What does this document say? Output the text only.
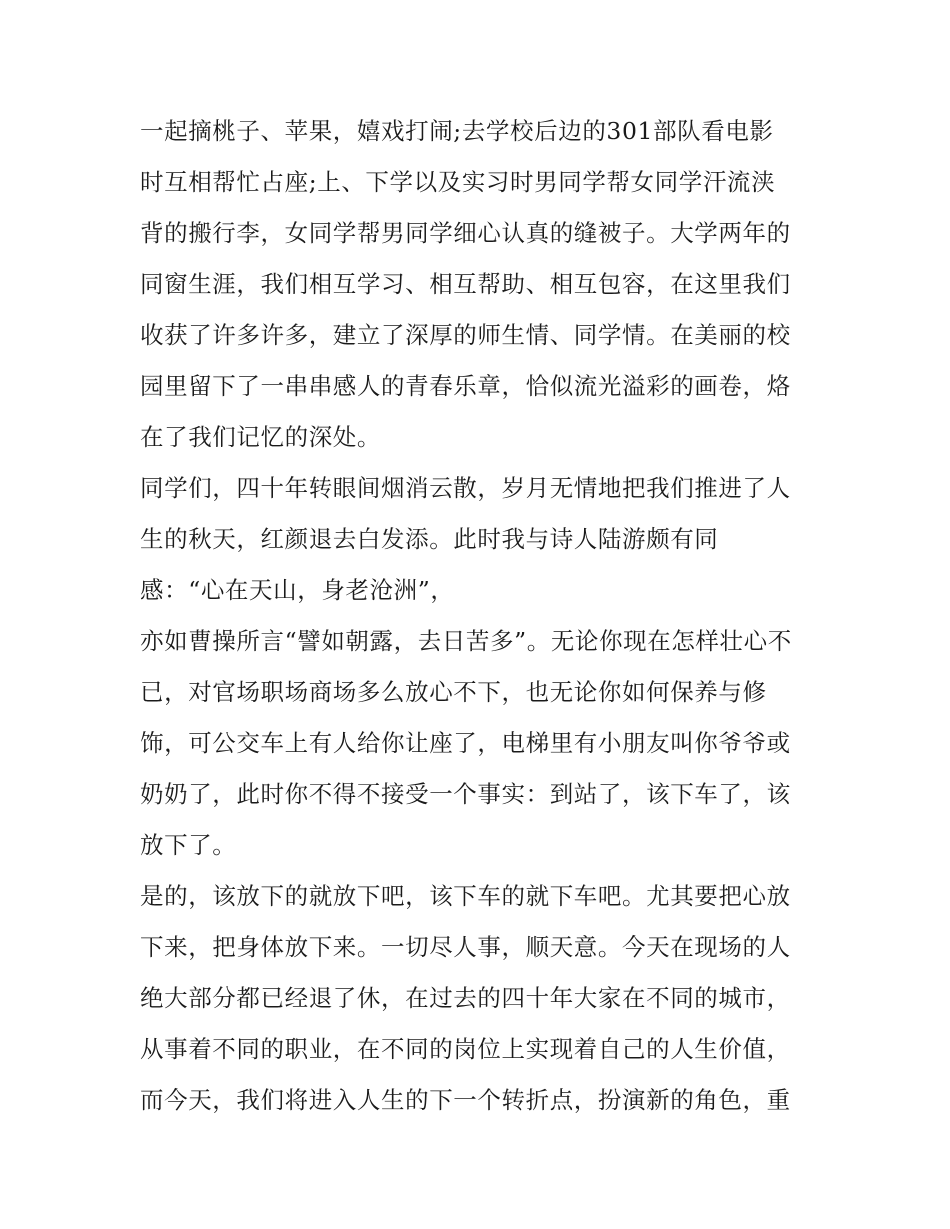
一起摘桃子、苹果，嬉戏打闹;去学校后边的301部队看电影
时互相帮忙占座;上、下学以及实习时男同学帮女同学汗流浃
背的搬行李，女同学帮男同学细心认真的缝被子。大学两年的
同窗生涯，我们相互学习、相互帮助、相互包容，在这里我们
收获了许多许多，建立了深厚的师生情、同学情。在美丽的校
园里留下了一串串感人的青春乐章，恰似流光溢彩的画卷，烙
在了我们记忆的深处。
同学们，四十年转眼间烟消云散，岁月无情地把我们推进了人
生的秋天，红颜退去白发添。此时我与诗人陆游颇有同
感：“心在天山，身老沧洲”，
亦如曹操所言“譬如朝露，去日苦多”。无论你现在怎样壮心不
已，对官场职场商场多么放心不下，也无论你如何保养与修
饰，可公交车上有人给你让座了，电梯里有小朋友叫你爷爷或
奶奶了，此时你不得不接受一个事实：到站了，该下车了，该
放下了。
是的，该放下的就放下吧，该下车的就下车吧。尤其要把心放
下来，把身体放下来。一切尽人事，顺天意。今天在现场的人
绝大部分都已经退了休，在过去的四十年大家在不同的城市，
从事着不同的职业，在不同的岗位上实现着自己的人生价值，
而今天，我们将进入人生的下一个转折点，扮演新的角色，重
